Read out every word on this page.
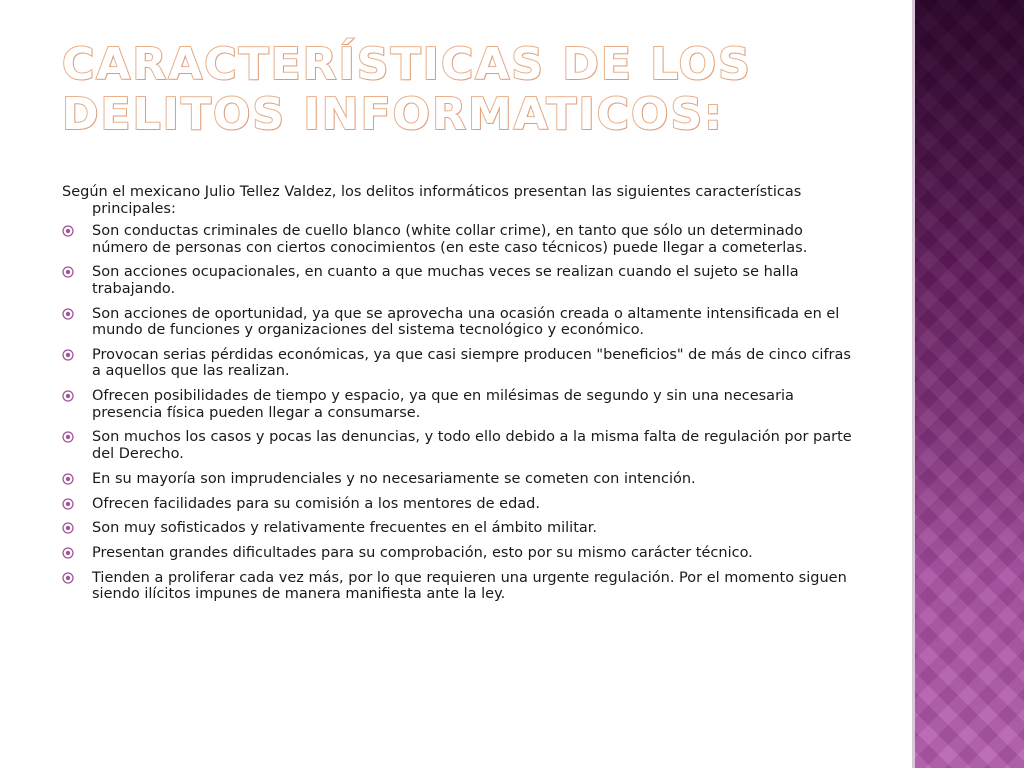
CARACTERÍSTICAS DE LOS DELITOS INFORMATICOS:

Según el mexicano Julio Tellez Valdez, los delitos informáticos presentan las siguientes características principales:

Son conductas criminales de cuello blanco (white collar crime), en tanto que sólo un determinado número de personas con ciertos conocimientos (en este caso técnicos) puede llegar a cometerlas.
Son acciones ocupacionales, en cuanto a que muchas veces se realizan cuando el sujeto se halla trabajando.
Son acciones de oportunidad, ya que se aprovecha una ocasión creada o altamente intensificada en el mundo de funciones y organizaciones del sistema tecnológico y económico.
Provocan serias pérdidas económicas, ya que casi siempre producen "beneficios" de más de cinco cifras a aquellos que las realizan.
Ofrecen posibilidades de tiempo y espacio, ya que en milésimas de segundo y sin una necesaria presencia física pueden llegar a consumarse.
Son muchos los casos y pocas las denuncias, y todo ello debido a la misma falta de regulación por parte del Derecho.
En su mayoría son imprudenciales y no necesariamente se cometen con intención.
Ofrecen facilidades para su comisión a los mentores de edad.
Son muy sofisticados y relativamente frecuentes en el ámbito militar.
Presentan grandes dificultades para su comprobación, esto por su mismo carácter técnico.
Tienden a proliferar cada vez más, por lo que requieren una urgente regulación. Por el momento siguen siendo ilícitos impunes de manera manifiesta ante la ley.
